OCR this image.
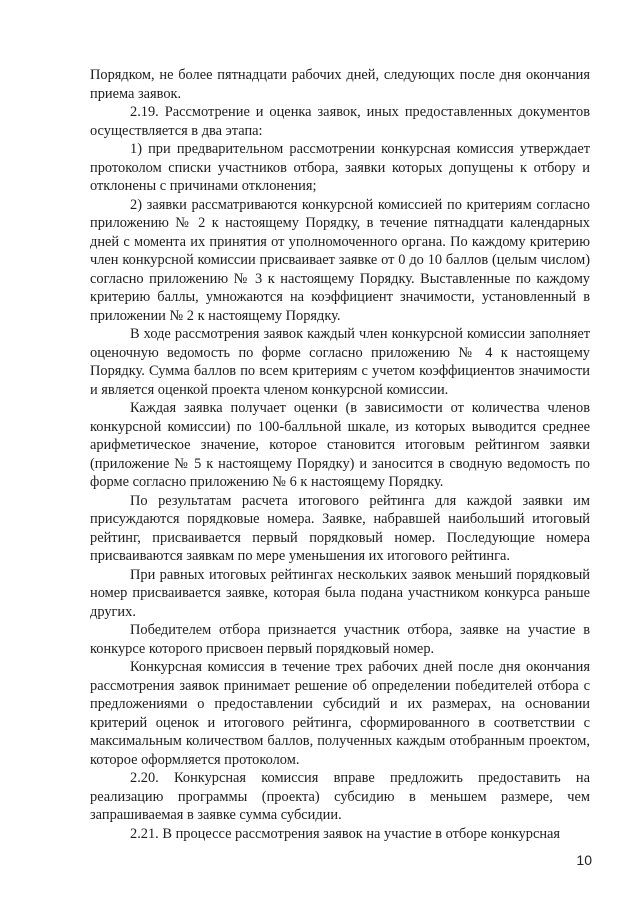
Порядком, не более пятнадцати рабочих дней, следующих после дня окончания приема заявок.

2.19. Рассмотрение и оценка заявок, иных предоставленных документов осуществляется в два этапа:

1) при предварительном рассмотрении конкурсная комиссия утверждает протоколом списки участников отбора, заявки которых допущены к отбору и отклонены с причинами отклонения;

2) заявки рассматриваются конкурсной комиссией по критериям согласно приложению № 2 к настоящему Порядку, в течение пятнадцати календарных дней с момента их принятия от уполномоченного органа. По каждому критерию член конкурсной комиссии присваивает заявке от 0 до 10 баллов (целым числом) согласно приложению № 3 к настоящему Порядку. Выставленные по каждому критерию баллы, умножаются на коэффициент значимости, установленный в приложении № 2 к настоящему Порядку.

В ходе рассмотрения заявок каждый член конкурсной комиссии заполняет оценочную ведомость по форме согласно приложению № 4 к настоящему Порядку. Сумма баллов по всем критериям с учетом коэффициентов значимости и является оценкой проекта членом конкурсной комиссии.

Каждая заявка получает оценки (в зависимости от количества членов конкурсной комиссии) по 100-балльной шкале, из которых выводится среднее арифметическое значение, которое становится итоговым рейтингом заявки (приложение № 5 к настоящему Порядку) и заносится в сводную ведомость по форме согласно приложению № 6 к настоящему Порядку.

По результатам расчета итогового рейтинга для каждой заявки им присуждаются порядковые номера. Заявке, набравшей наибольший итоговый рейтинг, присваивается первый порядковый номер. Последующие номера присваиваются заявкам по мере уменьшения их итогового рейтинга.

При равных итоговых рейтингах нескольких заявок меньший порядковый номер присваивается заявке, которая была подана участником конкурса раньше других.

Победителем отбора признается участник отбора, заявке на участие в конкурсе которого присвоен первый порядковый номер.

Конкурсная комиссия в течение трех рабочих дней после дня окончания рассмотрения заявок принимает решение об определении победителей отбора с предложениями о предоставлении субсидий и их размерах, на основании критерий оценок и итогового рейтинга, сформированного в соответствии с максимальным количеством баллов, полученных каждым отобранным проектом, которое оформляется протоколом.

2.20. Конкурсная комиссия вправе предложить предоставить на реализацию программы (проекта) субсидию в меньшем размере, чем запрашиваемая в заявке сумма субсидии.

2.21. В процессе рассмотрения заявок на участие в отборе конкурсная

10
